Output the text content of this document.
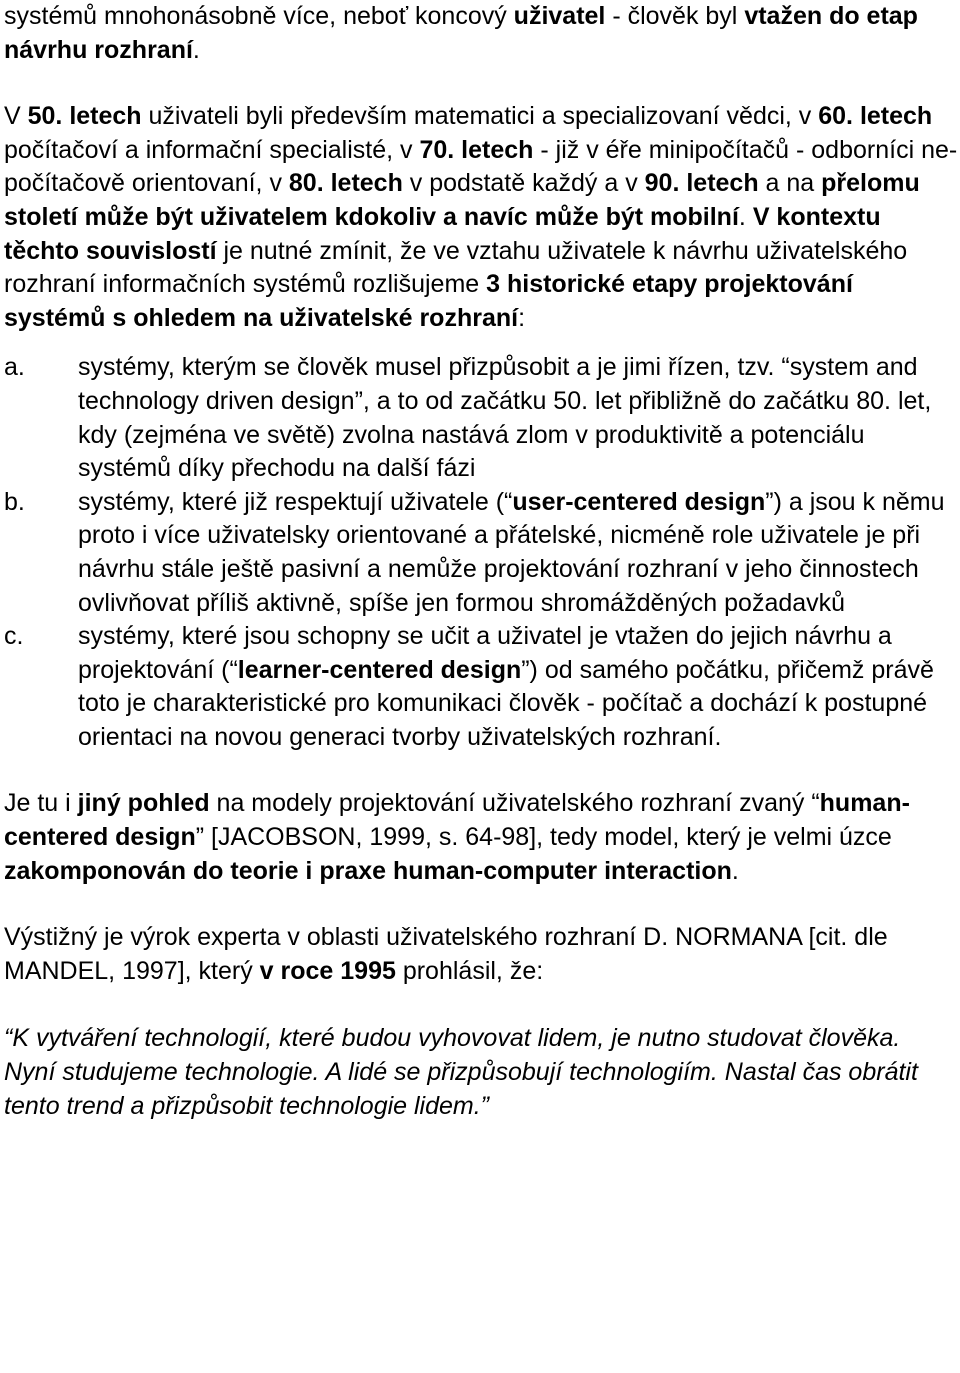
systémů mnohonásobně více, neboť koncový uživatel - člověk byl vtažen do etap návrhu rozhraní.

V 50. letech uživateli byli především matematici a specializovaní vědci, v 60. letech počítačoví a informační specialisté, v 70. letech - již v éře minipočítačů - odborníci ne-počítačově orientovaní, v 80. letech v podstatě každý a v 90. letech a na přelomu století může být uživatelem kdokoliv a navíc může být mobilní. V kontextu těchto souvislostí je nutné zmínit, že ve vztahu uživatele k návrhu uživatelského rozhraní informačních systémů rozlišujeme 3 historické etapy projektování systémů s ohledem na uživatelské rozhraní:

a. systémy, kterým se člověk musel přizpůsobit a je jimi řízen, tzv. “system and technology driven design”, a to od začátku 50. let přibližně do začátku 80. let, kdy (zejména ve světě) zvolna nastává zlom v produktivitě a potenciálu systémů díky přechodu na další fázi
b. systémy, které již respektují uživatele (“user-centered design”) a jsou k němu proto i více uživatelsky orientované a přátelské, nicméně role uživatele je při návrhu stále ještě pasivní a nemůže projektování rozhraní v jeho činnostech ovlivňovat příliš aktivně, spíše jen formou shromážděných požadavků
c. systémy, které jsou schopny se učit a uživatel je vtažen do jejich návrhu a projektování (“learner-centered design”) od samého počátku, přičemž právě toto je charakteristické pro komunikaci člověk - počítač a dochází k postupné orientaci na novou generaci tvorby uživatelských rozhraní.

Je tu i jiný pohled na modely projektování uživatelského rozhraní zvaný “human-centered design” [JACOBSON, 1999, s. 64-98], tedy model, který je velmi úzce zakomponován do teorie i praxe human-computer interaction.

Výstižný je výrok experta v oblasti uživatelského rozhraní D. NORMANA [cit. dle MANDEL, 1997], který v roce 1995 prohlásil, že:

“K vytváření technologií, které budou vyhovovat lidem, je nutno studovat člověka. Nyní studujeme technologie. A lidé se přizpůsobují technologiím. Nastal čas obrátit tento trend a přizpůsobit technologie lidem.”
